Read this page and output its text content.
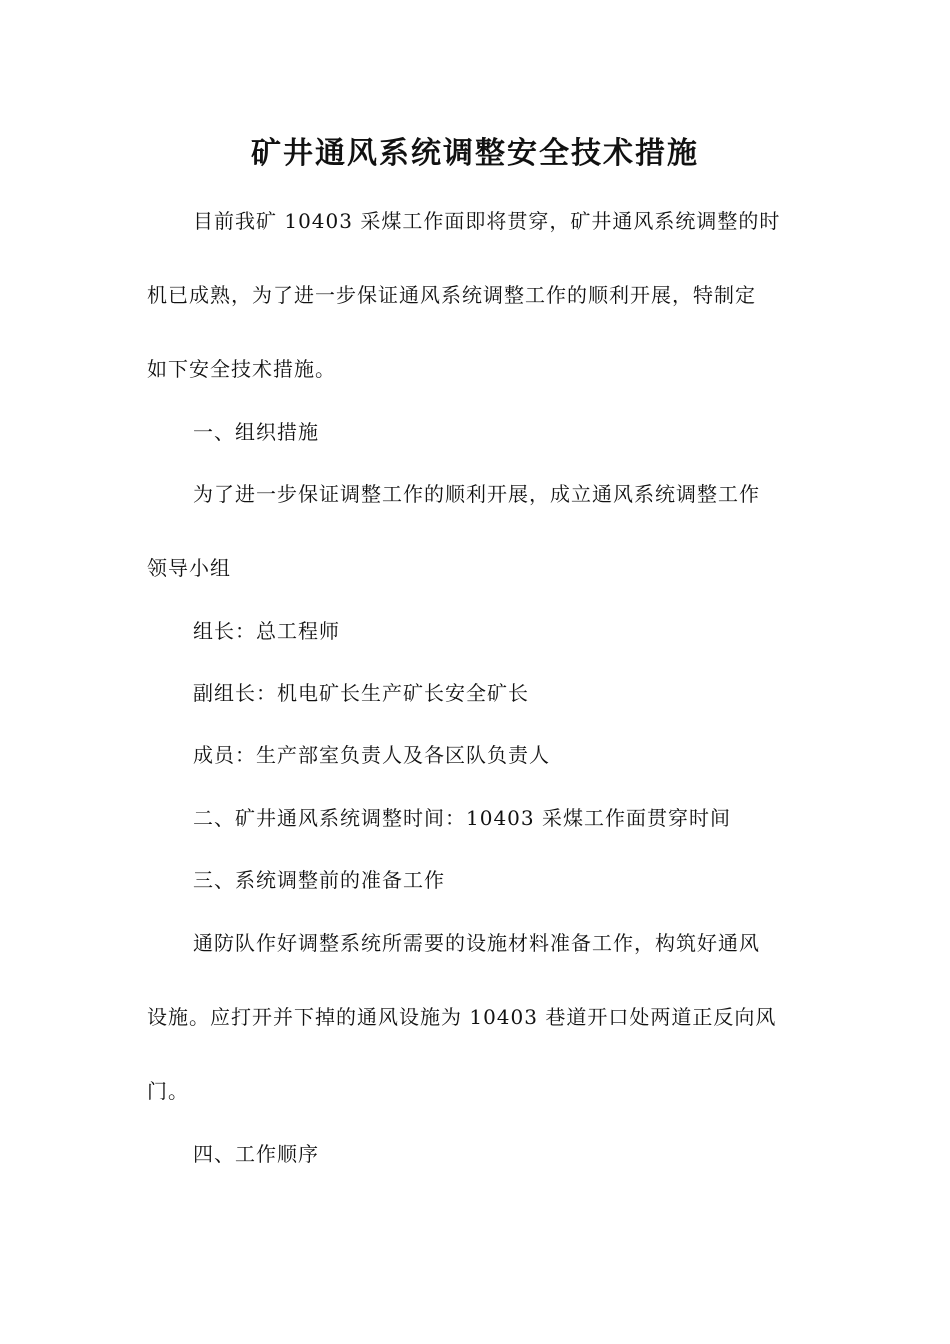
矿井通风系统调整安全技术措施
目前我矿 10403 采煤工作面即将贯穿，矿井通风系统调整的时
机已成熟，为了进一步保证通风系统调整工作的顺利开展，特制定
如下安全技术措施。
一、组织措施
为了进一步保证调整工作的顺利开展，成立通风系统调整工作
领导小组
组长：总工程师
副组长：机电矿长生产矿长安全矿长
成员：生产部室负责人及各区队负责人
二、矿井通风系统调整时间：10403 采煤工作面贯穿时间
三、系统调整前的准备工作
通防队作好调整系统所需要的设施材料准备工作，构筑好通风
设施。应打开并下掉的通风设施为 10403 巷道开口处两道正反向风
门。
四、工作顺序
